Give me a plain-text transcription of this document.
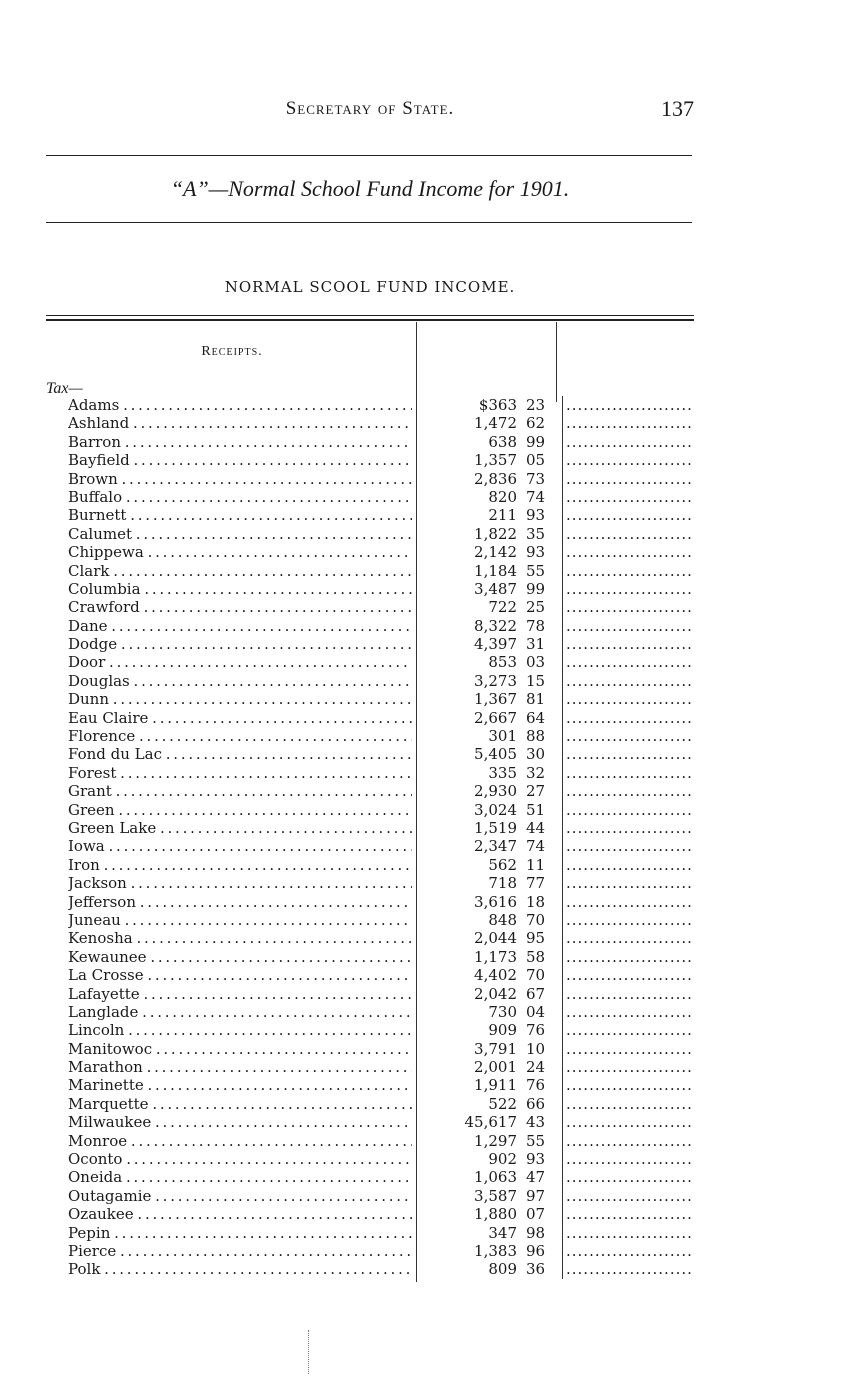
Secretary of State.	137
“A”—Normal School Fund Income for 1901.
NORMAL SCOOL FUND INCOME.
Receipts.
Tax—
Adams . . .	$363 23
.....
Ashland . . .	1,472 62
.....
Barron . . .	638 99
.....
Bayfield . . .	1,357 05
.....
Brown . . .	2,836 73
.....
Buffalo . . .	820 74
.....
Burnett . . .	211 93
.....
Calumet . . .	1,822 35
.....
Chippewa . . .	2,142 93
.....
Clark . . .	1,184 55
.....
Columbia . . .	3,487 99
.....
Crawford . . .	722 25
.....
Dane . . .	8,322 78
.....
Dodge . . .	4,397 31
.....
Door . . .	853 03
.....
Douglas . . .	3,273 15
.....
Dunn . . .	1,367 81
.....
Eau Claire . . .	2,667 64
.....
Florence . . .	301 88
.....
Fond du Lac . . .	5,405 30
.....
Forest . . .	335 32
.....
Grant . . .	2,930 27
.....
Green . . .	3,024 51
.....
Green Lake . . .	1,519 44
.....
Iowa . . .	2,347 74
.....
Iron . . .	562 11
.....
Jackson . . .	718 77
.....
Jefferson . . .	3,616 18
.....
Juneau . . .	848 70
.....
Kenosha . . .	2,044 95
.....
Kewaunee . . .	1,173 58
.....
La Crosse . . .	4,402 70
.....
Lafayette . . .	2,042 67
.....
Langlade . . .	730 04
.....
Lincoln . . .	909 76
.....
Manitowoc . . .	3,791 10
.....
Marathon . . .	2,001 24
.....
Marinette . . .	1,911 76
.....
Marquette . . .	522 66
.....
Milwaukee . . .	45,617 43
.....
Monroe . . .	1,297 55
.....
Oconto . . .	902 93
.....
Oneida . . .	1,063 47
.....
Outagamie . . .	3,587 97
.....
Ozaukee . . .	1,880 07
.....
Pepin . . .	347 98
.....
Pierce . . .	1,383 96
.....
Polk . . .	809 36
.....
